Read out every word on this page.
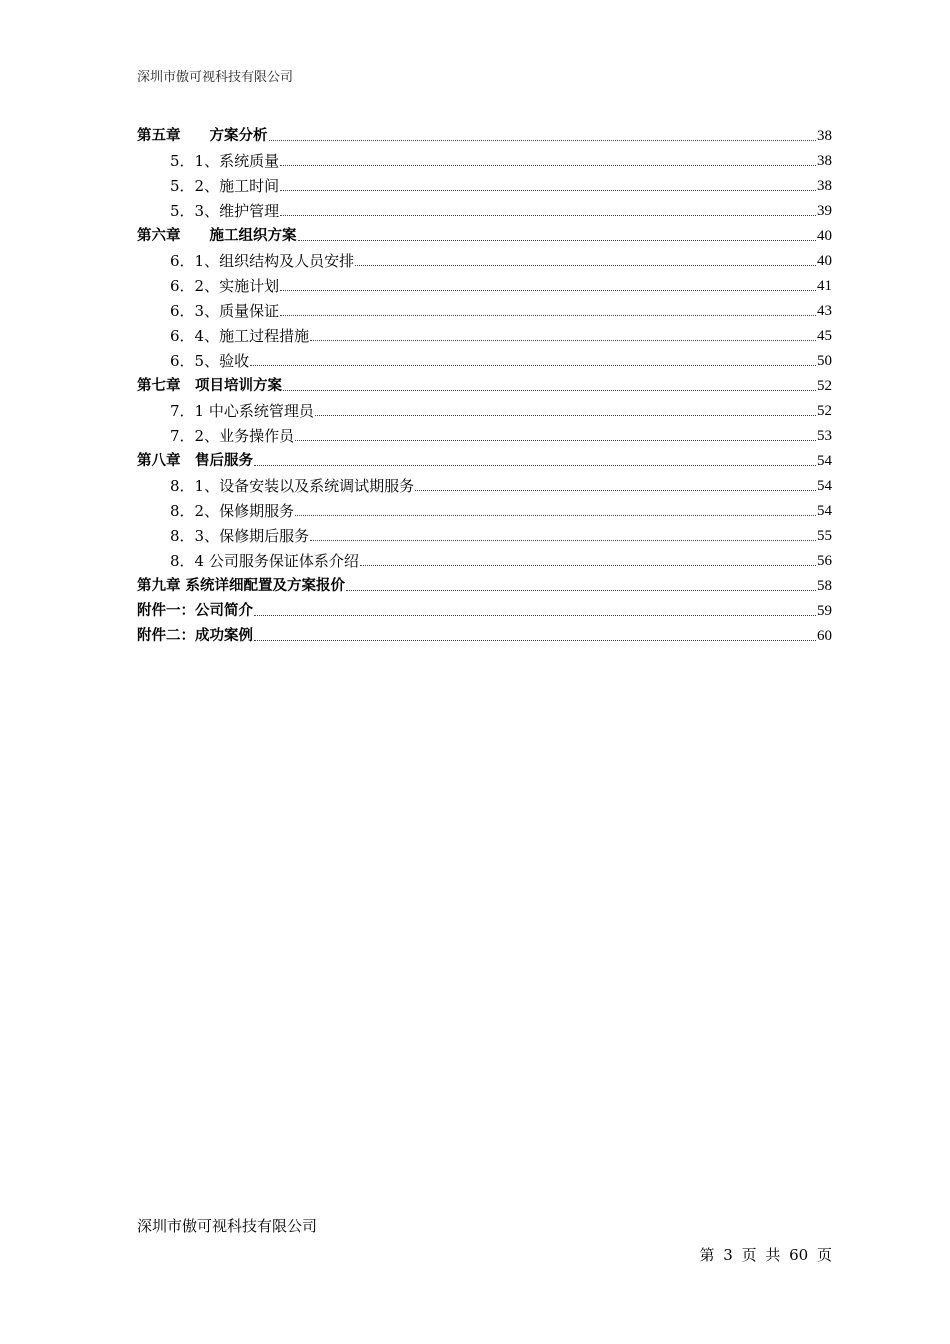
深圳市傲可视科技有限公司
第五章　　方案分析	38
5．1、系统质量	38
5．2、施工时间	38
5．3、维护管理	39
第六章　　施工组织方案	40
6．1、组织结构及人员安排	40
6．2、实施计划	41
6．3、质量保证	43
6．4、施工过程措施	45
6．5、验收	50
第七章　项目培训方案	52
7．1 中心系统管理员	52
7．2、业务操作员	53
第八章　售后服务	54
8．1、设备安装以及系统调试期服务	54
8．2、保修期服务	54
8．3、保修期后服务	55
8．4 公司服务保证体系介绍	56
第九章 系统详细配置及方案报价	58
附件一：公司简介	59
附件二：成功案例	60
深圳市傲可视科技有限公司
第 3 页 共 60 页
